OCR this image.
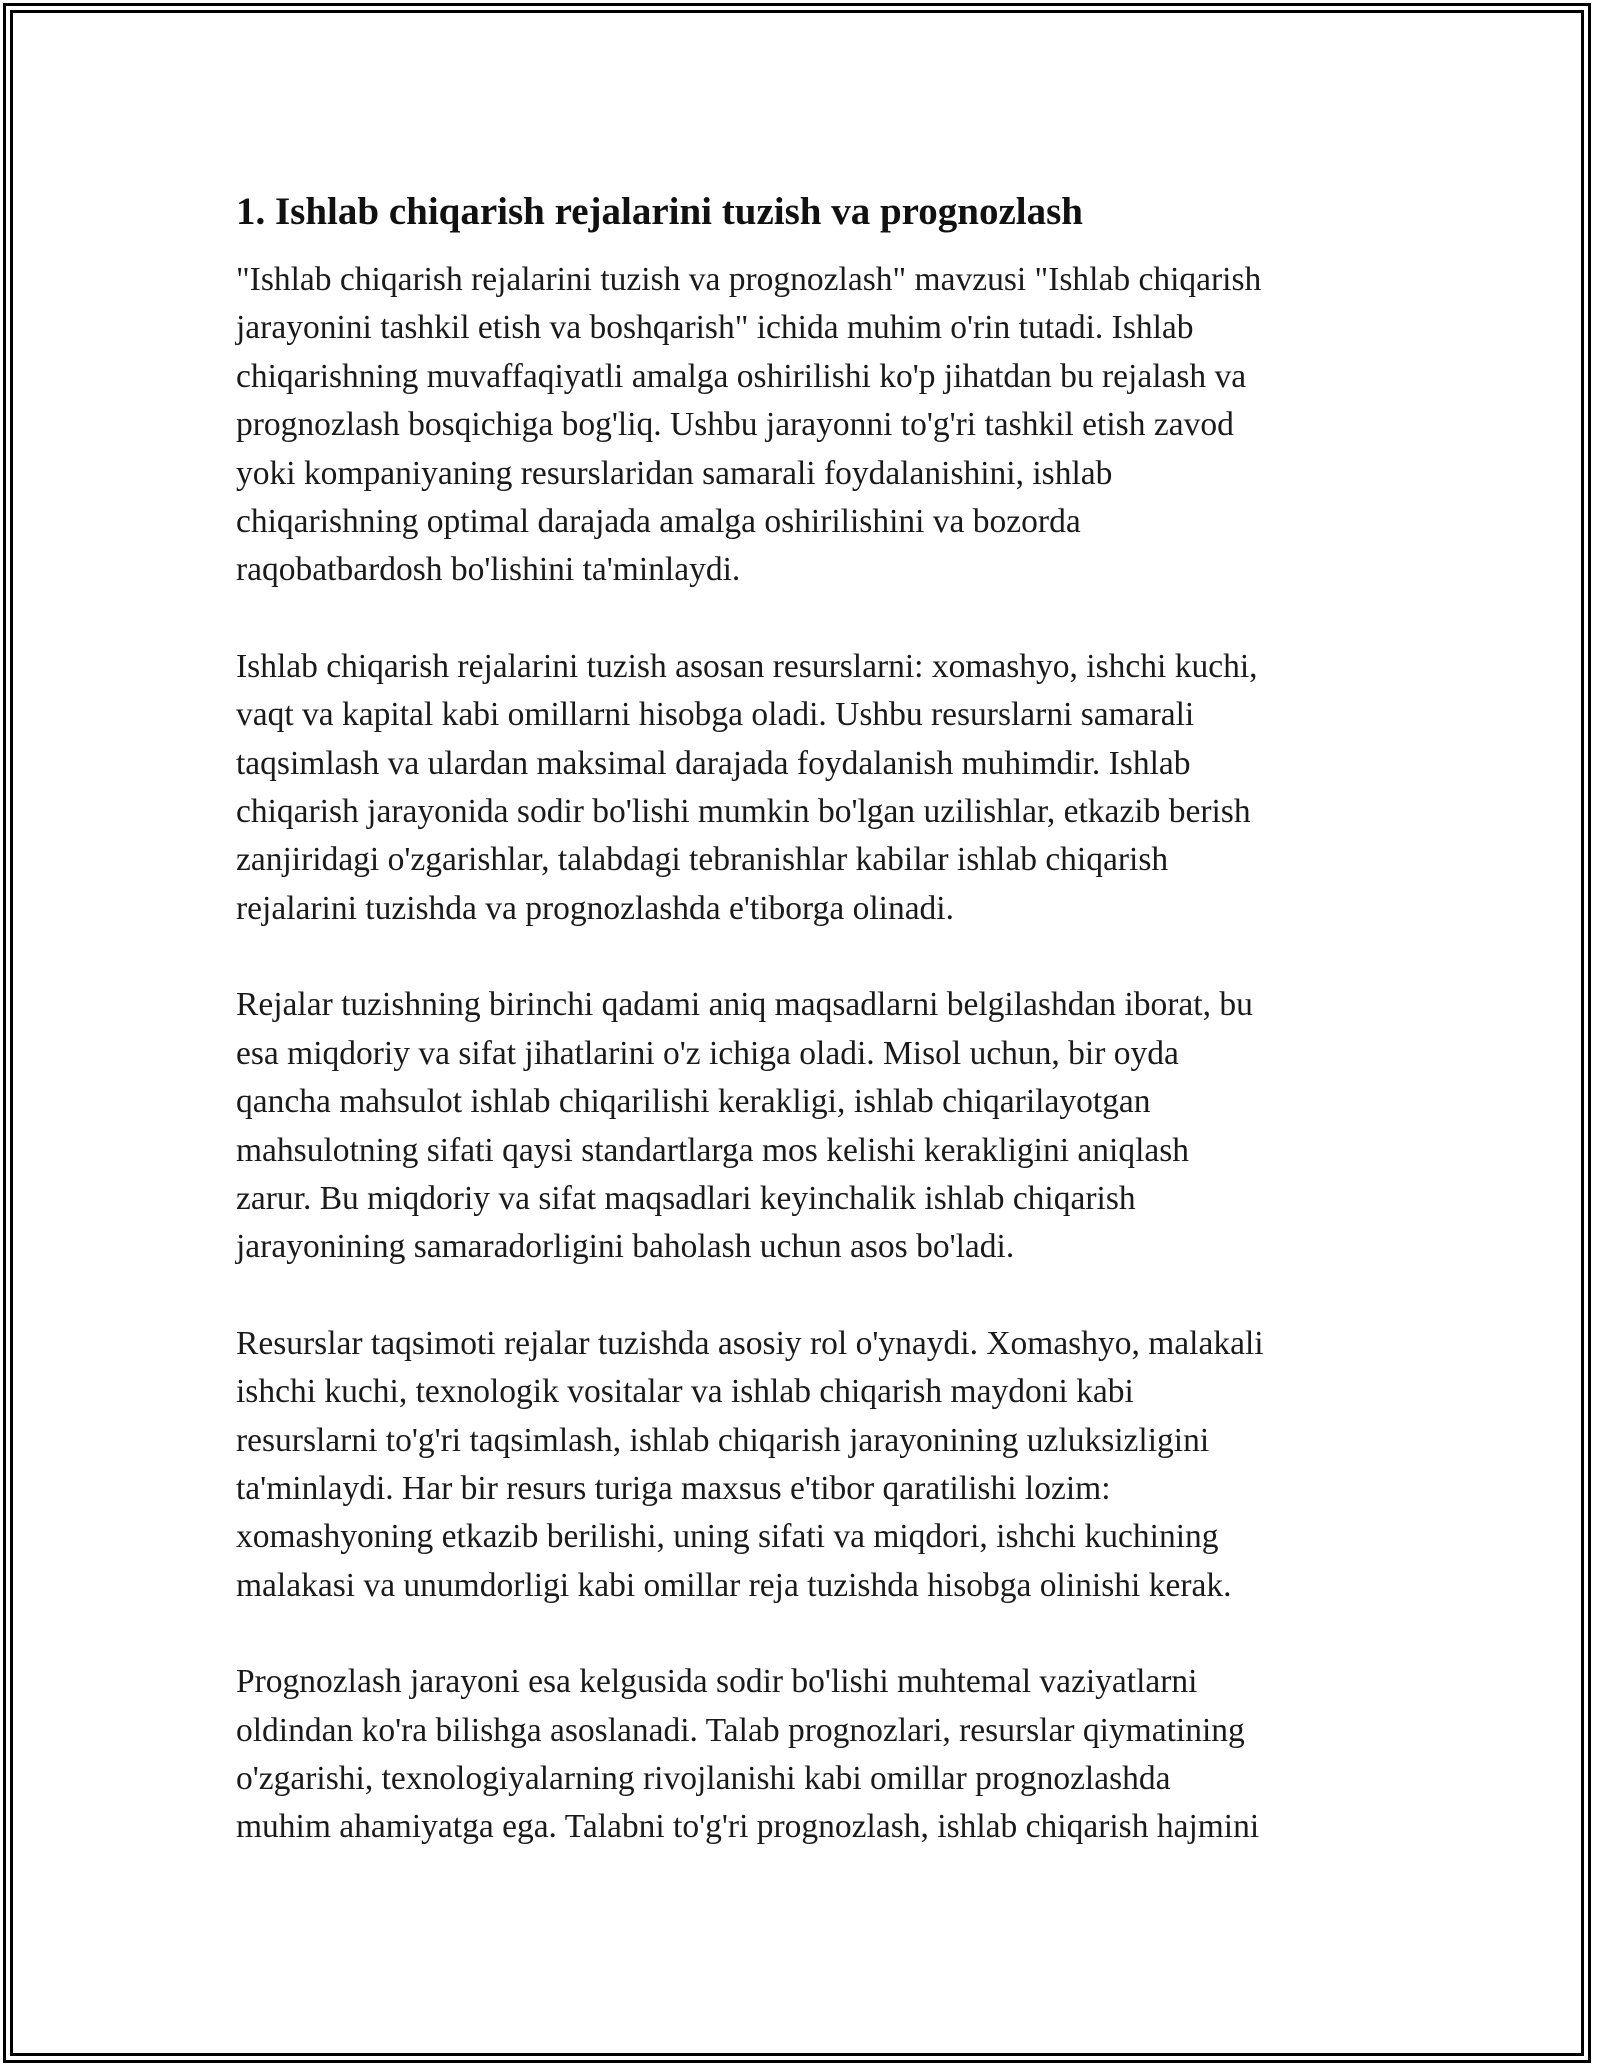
1. Ishlab chiqarish rejalarini tuzish va prognozlash
"Ishlab chiqarish rejalarini tuzish va prognozlash" mavzusi "Ishlab chiqarish
jarayonini tashkil etish va boshqarish" ichida muhim o'rin tutadi. Ishlab
chiqarishning muvaffaqiyatli amalga oshirilishi ko'p jihatdan bu rejalash va
prognozlash bosqichiga bog'liq. Ushbu jarayonni to'g'ri tashkil etish zavod
yoki kompaniyaning resurslaridan samarali foydalanishini, ishlab
chiqarishning optimal darajada amalga oshirilishini va bozorda
raqobatbardosh bo'lishini ta'minlaydi.
Ishlab chiqarish rejalarini tuzish asosan resurslarni: xomashyo, ishchi kuchi,
vaqt va kapital kabi omillarni hisobga oladi. Ushbu resurslarni samarali
taqsimlash va ulardan maksimal darajada foydalanish muhimdir. Ishlab
chiqarish jarayonida sodir bo'lishi mumkin bo'lgan uzilishlar, etkazib berish
zanjiridagi o'zgarishlar, talabdagi tebranishlar kabilar ishlab chiqarish
rejalarini tuzishda va prognozlashda e'tiborga olinadi.
Rejalar tuzishning birinchi qadami aniq maqsadlarni belgilashdan iborat, bu
esa miqdoriy va sifat jihatlarini o'z ichiga oladi. Misol uchun, bir oyda
qancha mahsulot ishlab chiqarilishi kerakligi, ishlab chiqarilayotgan
mahsulotning sifati qaysi standartlarga mos kelishi kerakligini aniqlash
zarur. Bu miqdoriy va sifat maqsadlari keyinchalik ishlab chiqarish
jarayonining samaradorligini baholash uchun asos bo'ladi.
Resurslar taqsimoti rejalar tuzishda asosiy rol o'ynaydi. Xomashyo, malakali
ishchi kuchi, texnologik vositalar va ishlab chiqarish maydoni kabi
resurslarni to'g'ri taqsimlash, ishlab chiqarish jarayonining uzluksizligini
ta'minlaydi. Har bir resurs turiga maxsus e'tibor qaratilishi lozim:
xomashyoning etkazib berilishi, uning sifati va miqdori, ishchi kuchining
malakasi va unumdorligi kabi omillar reja tuzishda hisobga olinishi kerak.
Prognozlash jarayoni esa kelgusida sodir bo'lishi muhtemal vaziyatlarni
oldindan ko'ra bilishga asoslanadi. Talab prognozlari, resurslar qiymatining
o'zgarishi, texnologiyalarning rivojlanishi kabi omillar prognozlashda
muhim ahamiyatga ega. Talabni to'g'ri prognozlash, ishlab chiqarish hajmini
